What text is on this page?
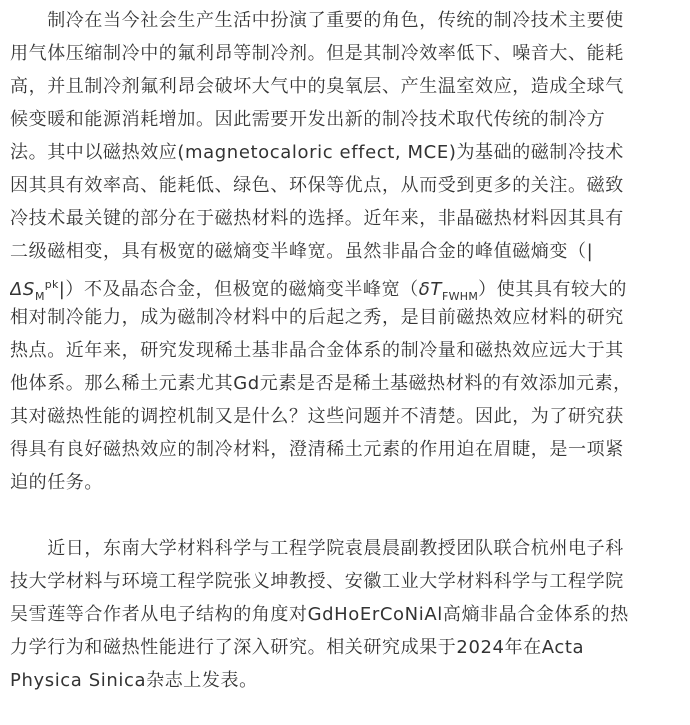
　　制冷在当今社会生产生活中扮演了重要的角色，传统的制冷技术主要使
用气体压缩制冷中的氟利昂等制冷剂。但是其制冷效率低下、噪音大、能耗
高，并且制冷剂氟利昂会破坏大气中的臭氧层、产生温室效应，造成全球气
候变暖和能源消耗增加。因此需要开发出新的制冷技术取代传统的制冷方
法。其中以磁热效应(magnetocaloric effect, MCE)为基础的磁制冷技术
因其具有效率高、能耗低、绿色、环保等优点，从而受到更多的关注。磁致
冷技术最关键的部分在于磁热材料的选择。近年来，非晶磁热材料因其具有
二级磁相变，具有极宽的磁熵变半峰宽。虽然非晶合金的峰值磁熵变（|
$\Delta S_M^{pk}|$）不及晶态合金，但极宽的磁熵变半峰宽$(\delta T_{FWHM})$使其具有较大的
相对制冷能力，成为磁制冷材料中的后起之秀，是目前磁热效应材料的研究
热点。近年来，研究发现稀土基非晶合金体系的制冷量和磁热效应远大于其
他体系。那么稀土元素尤其Gd元素是否是稀土基磁热材料的有效添加元素，
其对磁热性能的调控机制又是什么？这些问题并不清楚。因此，为了研究获
得具有良好磁热效应的制冷材料，澄清稀土元素的作用迫在眉睫，是一项紧
迫的任务。
　　近日，东南大学材料科学与工程学院袁晨晨副教授团队联合杭州电子科
技大学材料与环境工程学院张义坤教授、安徽工业大学材料科学与工程学院
吴雪莲等合作者从电子结构的角度对GdHoErCoNiAl高熵非晶合金体系的热
力学行为和磁热性能进行了深入研究。相关研究成果于2024年在Acta
Physica Sinica杂志上发表。
